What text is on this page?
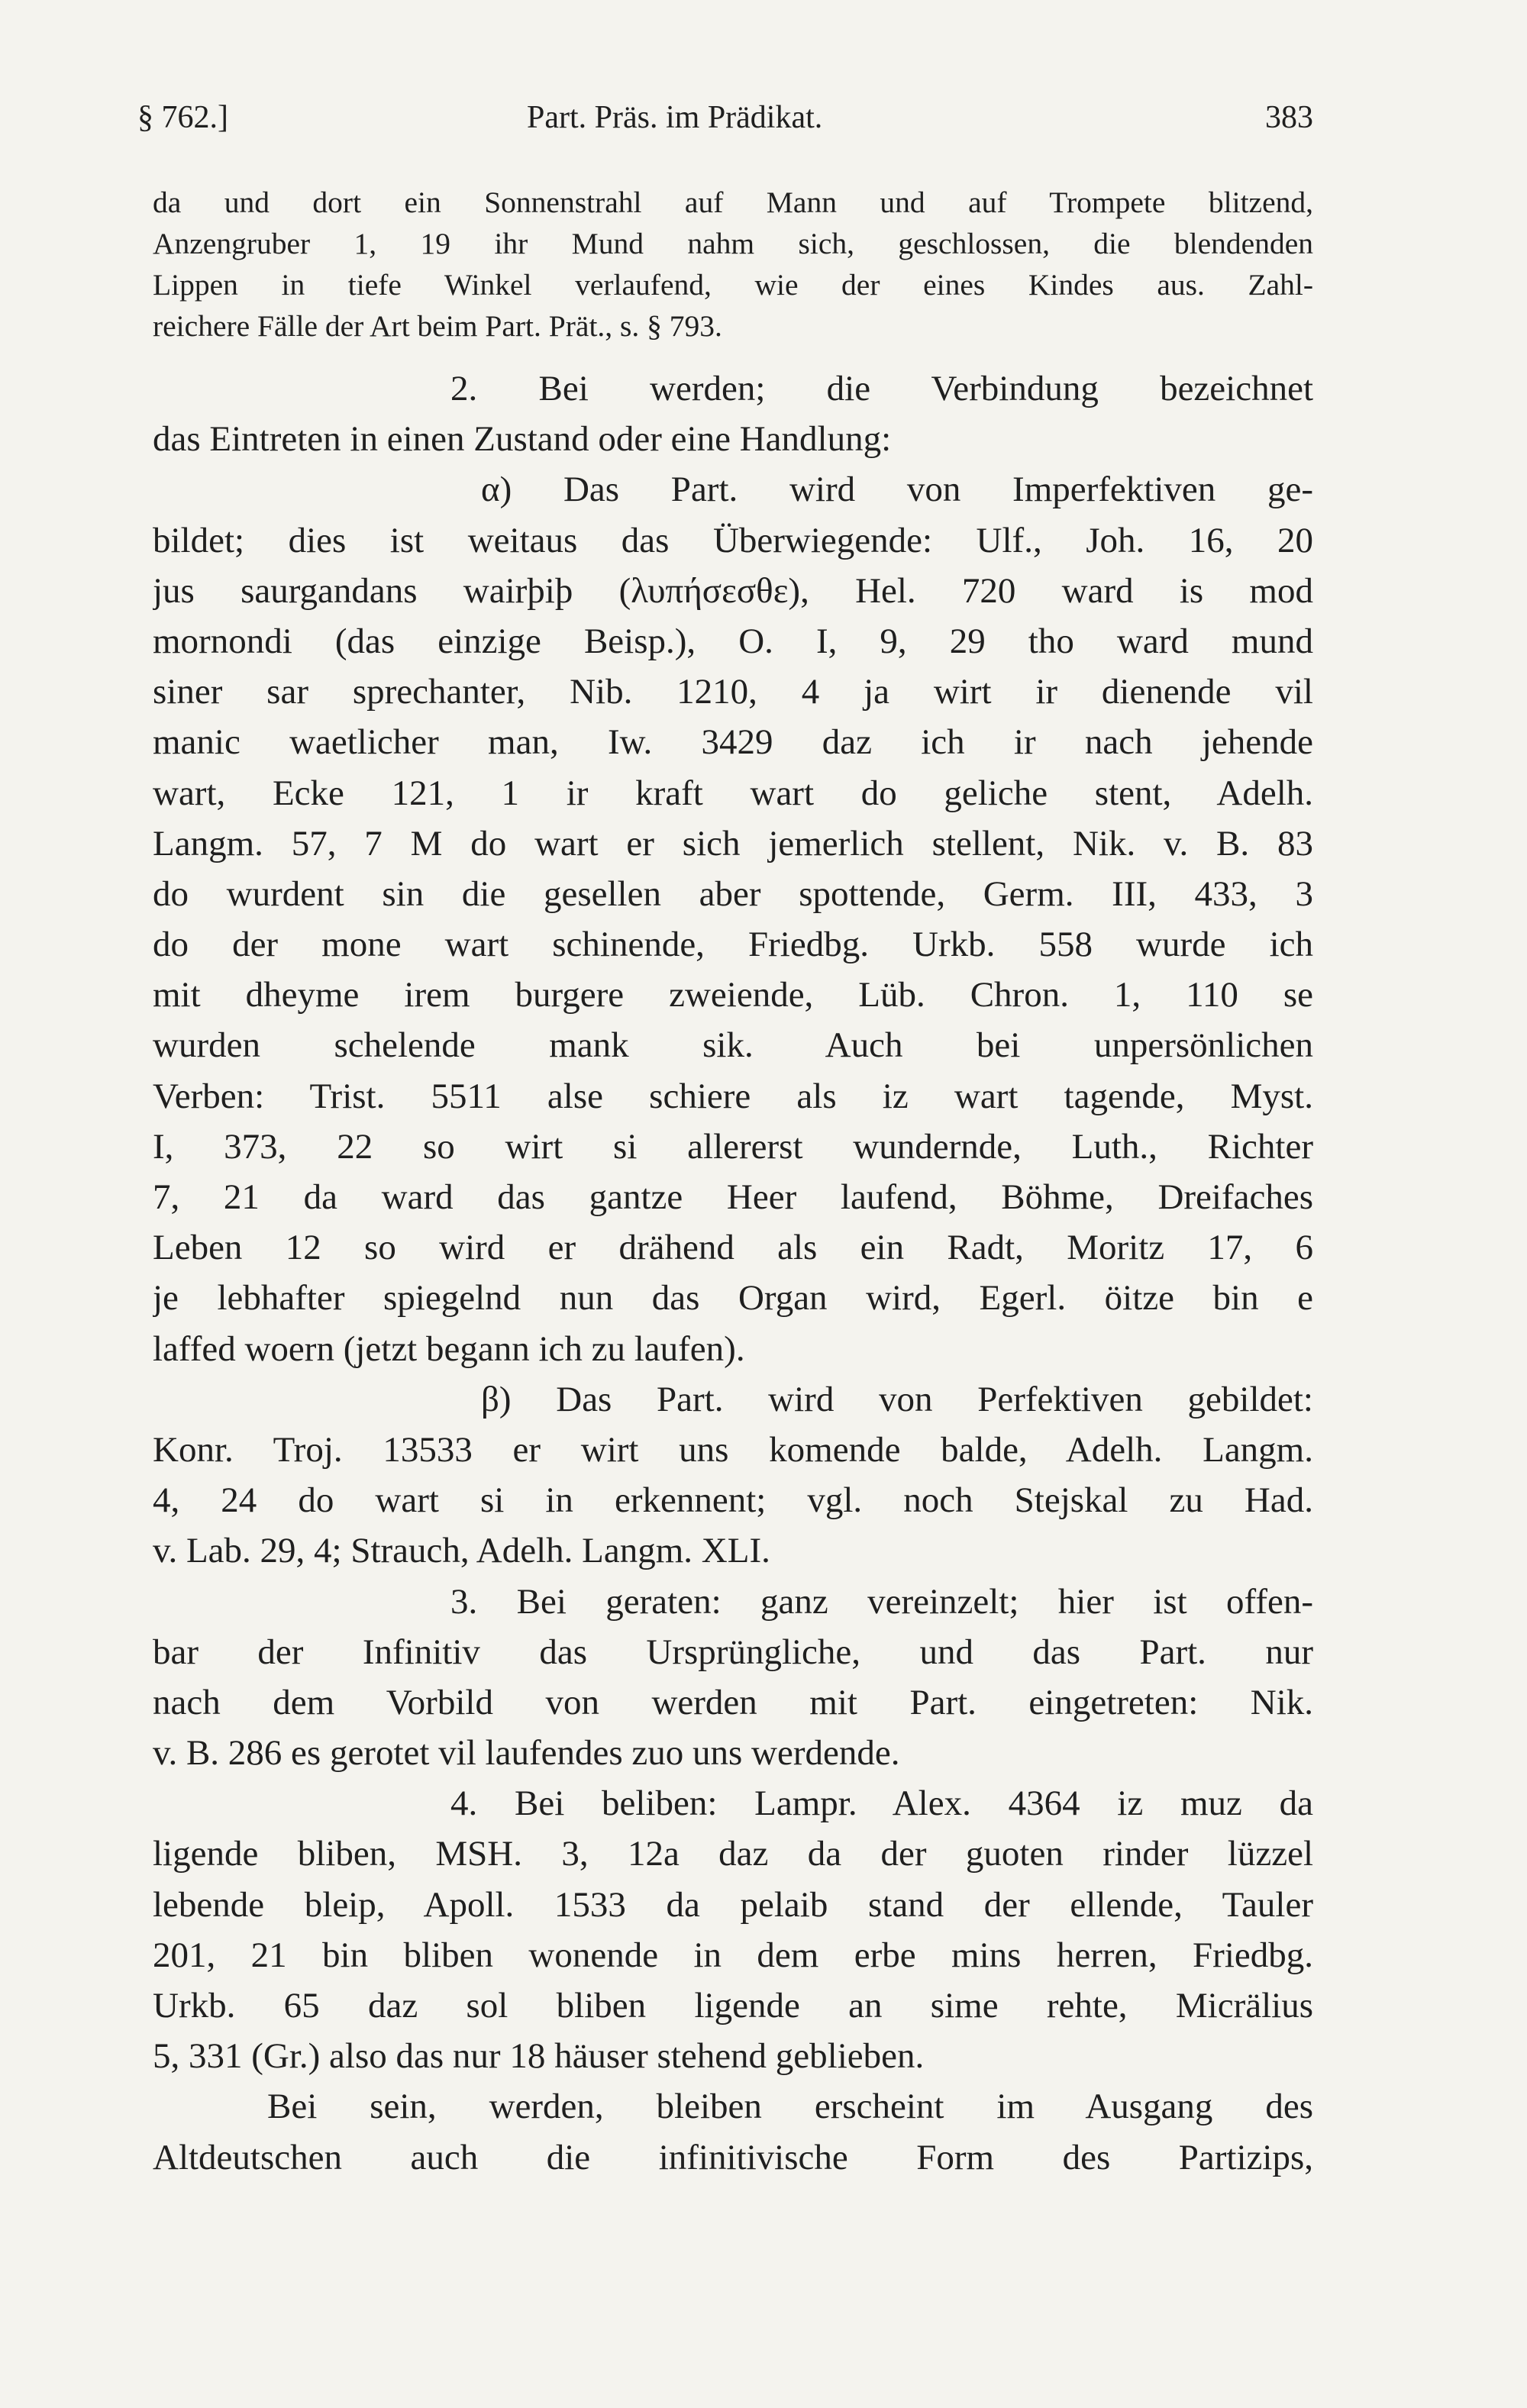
§ 762.]	Part. Präs. im Prädikat.	383
da und dort ein Sonnenstrahl auf Mann und auf Trompete blitzend,
Anzengruber 1, 19 ihr Mund nahm sich, geschlossen, die blendenden
Lippen in tiefe Winkel verlaufend, wie der eines Kindes aus. Zahl-
reichere Fälle der Art beim Part. Prät., s. § 793.
2. Bei werden; die Verbindung bezeichnet
das Eintreten in einen Zustand oder eine Handlung:
α) Das Part. wird von Imperfektiven ge-
bildet; dies ist weitaus das Überwiegende: Ulf., Joh. 16, 20
jus saurgandans wairþiþ (λυπήσεσθε), Hel. 720 ward is mod
mornondi (das einzige Beisp.), O. I, 9, 29 tho ward mund
siner sar sprechanter, Nib. 1210, 4 ja wirt ir dienende vil
manic waetlicher man, Iw. 3429 daz ich ir nach jehende
wart, Ecke 121, 1 ir kraft wart do geliche stent, Adelh.
Langm. 57, 7 M do wart er sich jemerlich stellent, Nik. v. B. 83
do wurdent sin die gesellen aber spottende, Germ. III, 433, 3
do der mone wart schinende, Friedbg. Urkb. 558 wurde ich
mit dheyme irem burgere zweiende, Lüb. Chron. 1, 110 se
wurden schelende mank sik. Auch bei unpersönlichen
Verben: Trist. 5511 alse schiere als iz wart tagende, Myst.
I, 373, 22 so wirt si allererst wundernde, Luth., Richter
7, 21 da ward das gantze Heer laufend, Böhme, Dreifaches
Leben 12 so wird er drähend als ein Radt, Moritz 17, 6
je lebhafter spiegelnd nun das Organ wird, Egerl. öitze bin e
laffed woern (jetzt begann ich zu laufen).
β) Das Part. wird von Perfektiven gebildet:
Konr. Troj. 13533 er wirt uns komende balde, Adelh. Langm.
4, 24 do wart si in erkennent; vgl. noch Stejskal zu Had.
v. Lab. 29, 4; Strauch, Adelh. Langm. XLI.
3. Bei geraten: ganz vereinzelt; hier ist offen-
bar der Infinitiv das Ursprüngliche, und das Part. nur
nach dem Vorbild von werden mit Part. eingetreten: Nik.
v. B. 286 es gerotet vil laufendes zuo uns werdende.
4. Bei beliben: Lampr. Alex. 4364 iz muz da
ligende bliben, MSH. 3, 12a daz da der guoten rinder lüzzel
lebende bleip, Apoll. 1533 da pelaib stand der ellende, Tauler
201, 21 bin bliben wonende in dem erbe mins herren, Friedbg.
Urkb. 65 daz sol bliben ligende an sime rehte, Micrälius
5, 331 (Gr.) also das nur 18 häuser stehend geblieben.
Bei sein, werden, bleiben erscheint im Ausgang des
Altdeutschen auch die infinitivische Form des Partizips,
